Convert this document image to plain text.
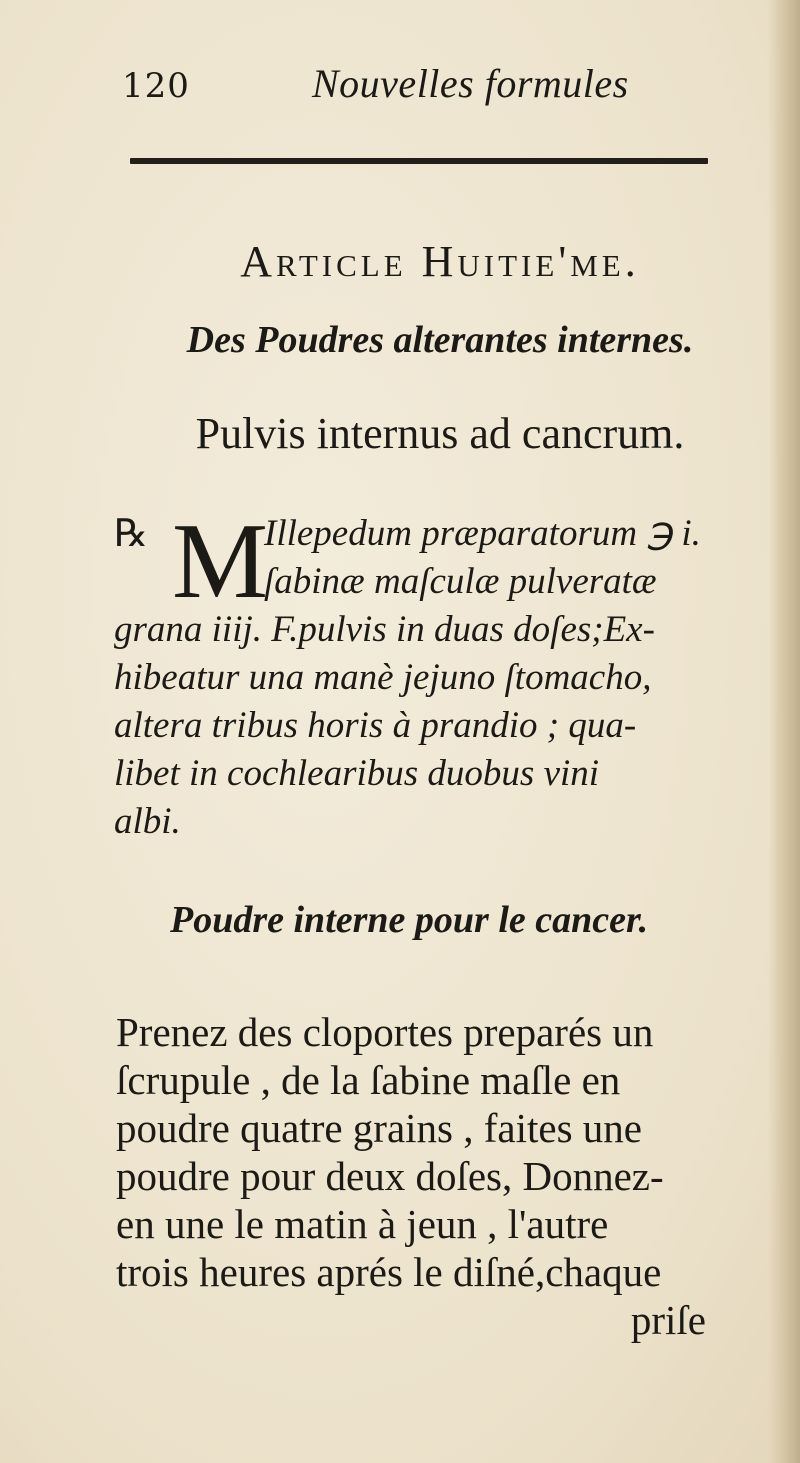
120	Nouvelles formules
Article Huitie'me.
Des Poudres alterantes internes.
Pulvis internus ad cancrum.
℞ M
Illepedum præparatorum ℈ i.
ſabinæ maſculæ pulveratæ
grana iiij. F.pulvis in duas doſes;Ex-
hibeatur una manè jejuno ſtomacho,
altera tribus horis à prandio ; qua-
libet in cochlearibus duobus vini
albi.
Poudre interne pour le cancer.
Prenez des cloportes preparés un
ſcrupule , de la ſabine maſle en
poudre quatre grains , faites une
poudre pour deux doſes, Donnez-
en une le matin à jeun , l'autre
trois heures aprés le diſné,chaque
priſe
